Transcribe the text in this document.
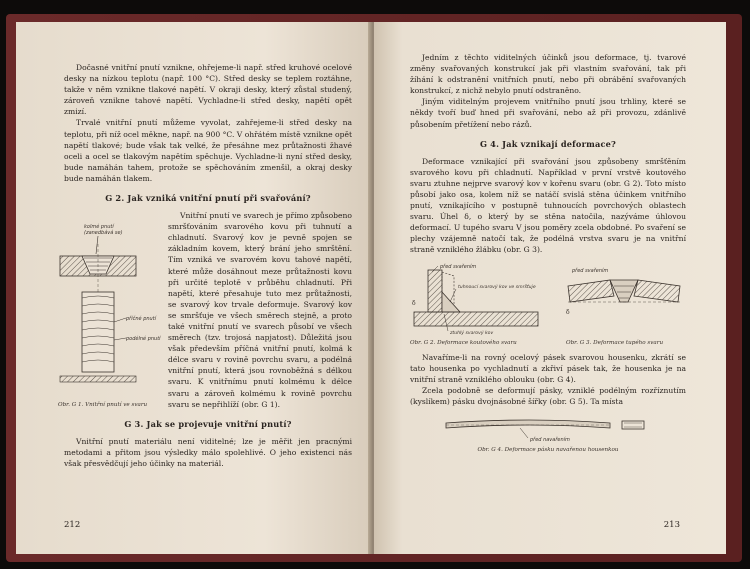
Dočasné vnitřní pnutí vznikne, ohřejeme-li např. střed kruhové ocelové desky na nízkou teplotu (např. 100 °C). Střed desky se teplem roztáhne, takže v něm vznikne tlakové napětí. V okraji desky, který zůstal studený, zároveň vznikne tahové napětí. Vychladne-li střed desky, napětí opět zmizí.

Trvalé vnitřní pnutí můžeme vyvolat, zahřejeme-li střed desky na teplotu, při níž ocel měkne, např. na 900 °C. V ohřátém místě vznikne opět napětí tlakové; bude však tak velké, že přesáhne mez průtažnosti žhavé oceli a ocel se tlakovým napětím spěchuje. Vychladne-li nyní střed desky, bude namáhán tahem, protože se spěchováním zmenšil, a okraj desky bude namáhán tlakem.

G 2. Jak vzniká vnitřní pnutí při svařování?
kolmé pnutí
(zanedbává se)
příčné pnutí
podélné pnutí
Obr. G 1. Vnitřní pnutí ve svaru

Vnitřní pnutí ve svarech je přímo způsobeno smršťováním svarového kovu při tuhnutí a chladnutí. Svarový kov je pevně spojen se základním kovem, který brání jeho smrštění. Tím vzniká ve svarovém kovu tahové napětí, které může dosáhnout meze průtažnosti kovu při určité teplotě v průběhu chladnutí. Při napětí, které přesahuje tuto mez průtažnosti, se svarový kov trvale deformuje. Svarový kov se smršťuje ve všech směrech stejně, a proto také vnitřní pnutí ve svarech působí ve všech směrech (tzv. trojosá napjatost). Důležitá jsou však především příčná vnitřní pnutí, kolmá k délce svaru v rovině povrchu svaru, a podélná vnitřní pnutí, která jsou rovnoběžná s délkou svaru. K vnitřnímu pnutí kolmému k délce svaru a zároveň kolmému k rovině povrchu svaru se nepřihlíží (obr. G 1).

G 3. Jak se projevuje vnitřní pnutí?

Vnitřní pnutí materiálu není viditelné; lze je měřit jen pracnými metodami a přitom jsou výsledky málo spolehlivé. O jeho existenci nás však přesvědčují jeho účinky na materiál.

212

Jedním z těchto viditelných účinků jsou deformace, tj. tvarové změny svařovaných konstrukcí jak při vlastním svařování, tak při žíhání k odstranění vnitřních pnutí, nebo při obrábění svařovaných konstrukcí, z nichž nebylo pnutí odstraněno.

Jiným viditelným projevem vnitřního pnutí jsou trhliny, které se někdy tvoří buď hned při svařování, nebo až při provozu, zdánlivě působením přetížení nebo rázů.

G 4. Jak vznikají deformace?

Deformace vznikající při svařování jsou způsobeny smršťěním svarového kovu při chladnutí. Například v první vrstvě koutového svaru ztuhne nejprve svarový kov v kořenu svaru (obr. G 2). Toto místo působí jako osa, kolem níž se natáčí svislá stěna účinkem vnitřního pnutí, vznikajícího v postupně tuhnoucích povrchových oblastech svaru. Úhel δ, o který by se stěna natočila, nazýváme úhlovou deformací. U tupého svaru V jsou poměry zcela obdobné. Po svaření se plechy vzájemně natočí tak, že podélná vrstva svaru je na vnitřní straně vzniklého žlábku (obr. G 3).

před svařením
tuhnoucí svarový kov ve smršťuje
δ
ztuhlý svarový kov
Obr. G 2. Deformace koutového svaru
před svařením
δ
Obr. G 3. Deformace tupého svaru

Navaříme-li na rovný ocelový pásek svarovou housenku, zkrátí se tato housenka po vychladnutí a zkřiví pásek tak, že housenka je na vnitřní straně vzniklého oblouku (obr. G 4).

Zcela podobně se deformují pásky, vzniklé podélným rozříznutím (kyslíkem) pásku dvojnásobné šířky (obr. G 5). Ta místa

před navařením
Obr. G 4. Deformace pásku navařenou housenkou
213
